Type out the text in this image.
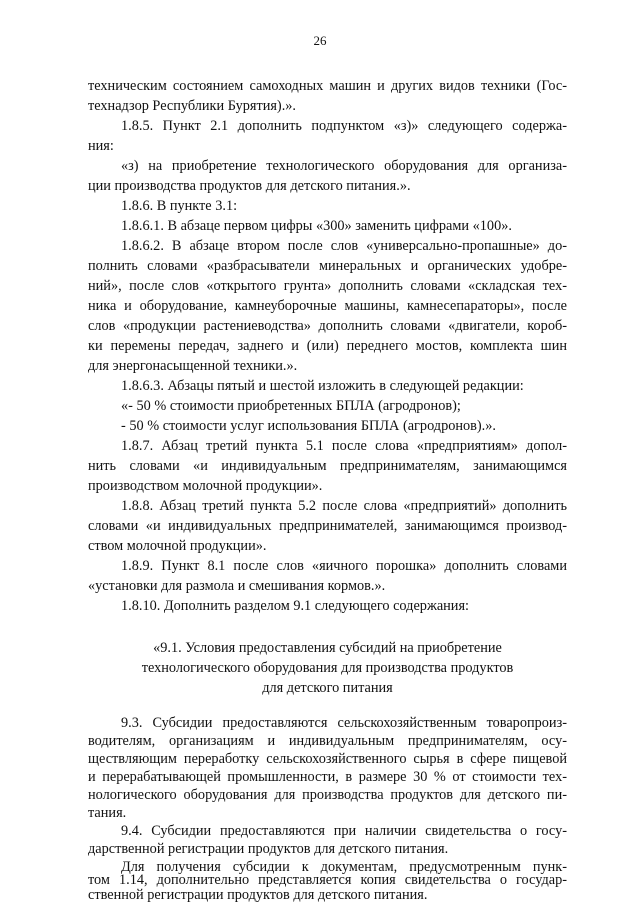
26
техническим состоянием самоходных машин и других видов техники (Гос-
технадзор Республики Бурятия).».
1.8.5. Пункт 2.1 дополнить подпунктом «з)» следующего содержа-
ния:
«з) на приобретение технологического оборудования для организа-
ции производства продуктов для детского питания.».
1.8.6. В пункте 3.1:
1.8.6.1. В абзаце первом цифры «300» заменить цифрами «100».
1.8.6.2. В абзаце втором после слов «универсально-пропашные» до-
полнить словами «разбрасыватели минеральных и органических удобре-
ний», после слов «открытого грунта» дополнить словами «складская тех-
ника и оборудование, камнеуборочные машины, камнесепараторы», после
слов «продукции растениеводства» дополнить словами «двигатели, короб-
ки перемены передач, заднего и (или) переднего мостов, комплекта шин
для энергонасыщенной техники.».
1.8.6.3. Абзацы пятый и шестой изложить в следующей редакции:
«- 50 % стоимости приобретенных БПЛА (агродронов);
- 50 % стоимости услуг использования БПЛА (агродронов).».
1.8.7. Абзац третий пункта 5.1 после слова «предприятиям» допол-
нить словами «и индивидуальным предпринимателям, занимающимся
производством молочной продукции».
1.8.8. Абзац третий пункта 5.2 после слова «предприятий» дополнить
словами «и индивидуальных предпринимателей, занимающимся производ-
ством молочной продукции».
1.8.9. Пункт 8.1 после слов «яичного порошка» дополнить словами
«установки для размола и смешивания кормов.».
1.8.10. Дополнить разделом 9.1 следующего содержания:
«9.1. Условия предоставления субсидий на приобретение
технологического оборудования для производства продуктов
для детского питания
9.3. Субсидии предоставляются сельскохозяйственным товаропроиз-
водителям, организациям и индивидуальным предпринимателям, осу-
ществляющим переработку сельскохозяйственного сырья в сфере пищевой
и перерабатывающей промышленности, в размере 30 % от стоимости тех-
нологического оборудования для производства продуктов для детского пи-
тания.
9.4. Субсидии предоставляются при наличии свидетельства о госу-
дарственной регистрации продуктов для детского питания.
Для получения субсидии к документам, предусмотренным пунк-
том 1.14, дополнительно представляется копия свидетельства о государ-
ственной регистрации продуктов для детского питания.
